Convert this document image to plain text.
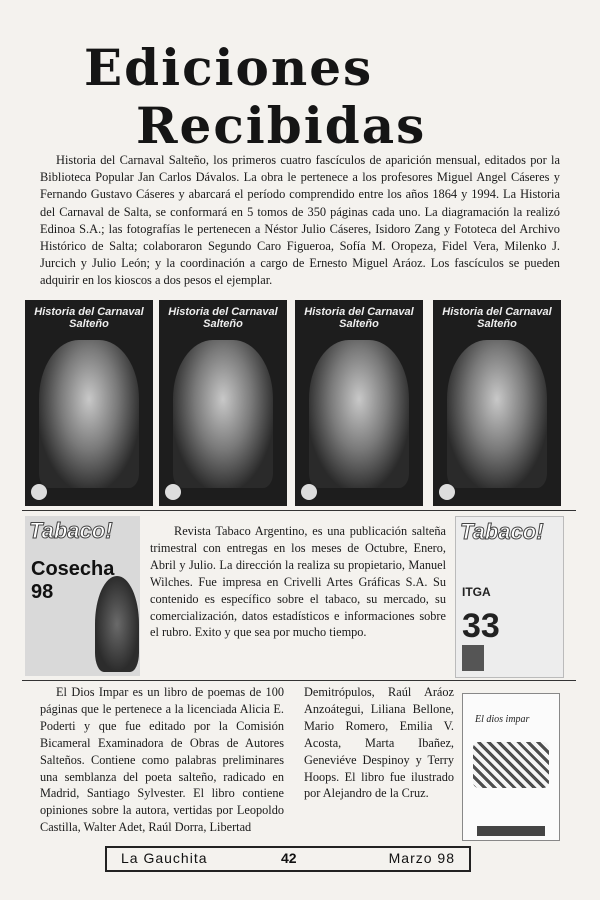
Ediciones
Recibidas

Historia del Carnaval Salteño, los primeros cuatro fascículos de aparición mensual, editados por la Biblioteca Popular Jan Carlos Dávalos. La obra le pertenece a los profesores Miguel Angel Cáseres y Fernando Gustavo Cáseres y abarcará el período comprendido entre los años 1864 y 1994. La Historia del Carnaval de Salta, se conformará en 5 tomos de 350 páginas cada uno. La diagramación la realizó Edinoa S.A.; las fotografías le pertenecen a Néstor Julio Cáseres, Isidoro Zang y Fototeca del Archivo Histórico de Salta; colaboraron Segundo Caro Figueroa, Sofía M. Oropeza, Fidel Vera, Milenko J. Jurcich y Julio León; y la coordinación a cargo de Ernesto Miguel Aráoz. Los fascículos se pueden adquirir en los kioscos a dos pesos el ejemplar.

Historia del Carnaval Salteño
Historia del Carnaval Salteño
Historia del Carnaval Salteño
Historia del Carnaval Salteño
Tabaco!
Cosecha 98

Revista Tabaco Argentino, es una publicación salteña trimestral con entregas en los meses de Octubre, Enero, Abril y Julio. La dirección la realiza su propietario, Manuel Wilches. Fue impresa en Crivelli Artes Gráficas S.A. Su contenido es específico sobre el tabaco, su mercado, su comercialización, datos estadísticos e informaciones sobre el rubro. Exito y que sea por mucho tiempo.

Tabaco!
ITGA
33

El Dios Impar es un libro de poemas de 100 páginas que le pertenece a la licenciada Alicia E. Poderti y que fue editado por la Comisión Bicameral Examinadora de Obras de Autores Salteños. Contiene como palabras preliminares una semblanza del poeta salteño, radicado en Madrid, Santiago Sylvester. El libro contiene opiniones sobre la autora, vertidas por Leopoldo Castilla, Walter Adet, Raúl Dorra, Libertad

Demitrópulos, Raúl Aráoz Anzoátegui, Liliana Bellone, Mario Romero, Emilia V. Acosta, Marta Ibañez, Geneviéve Despinoy y Terry Hoops. El libro fue ilustrado por Alejandro de la Cruz.

El dios impar
La Gauchita	42	Marzo 98
